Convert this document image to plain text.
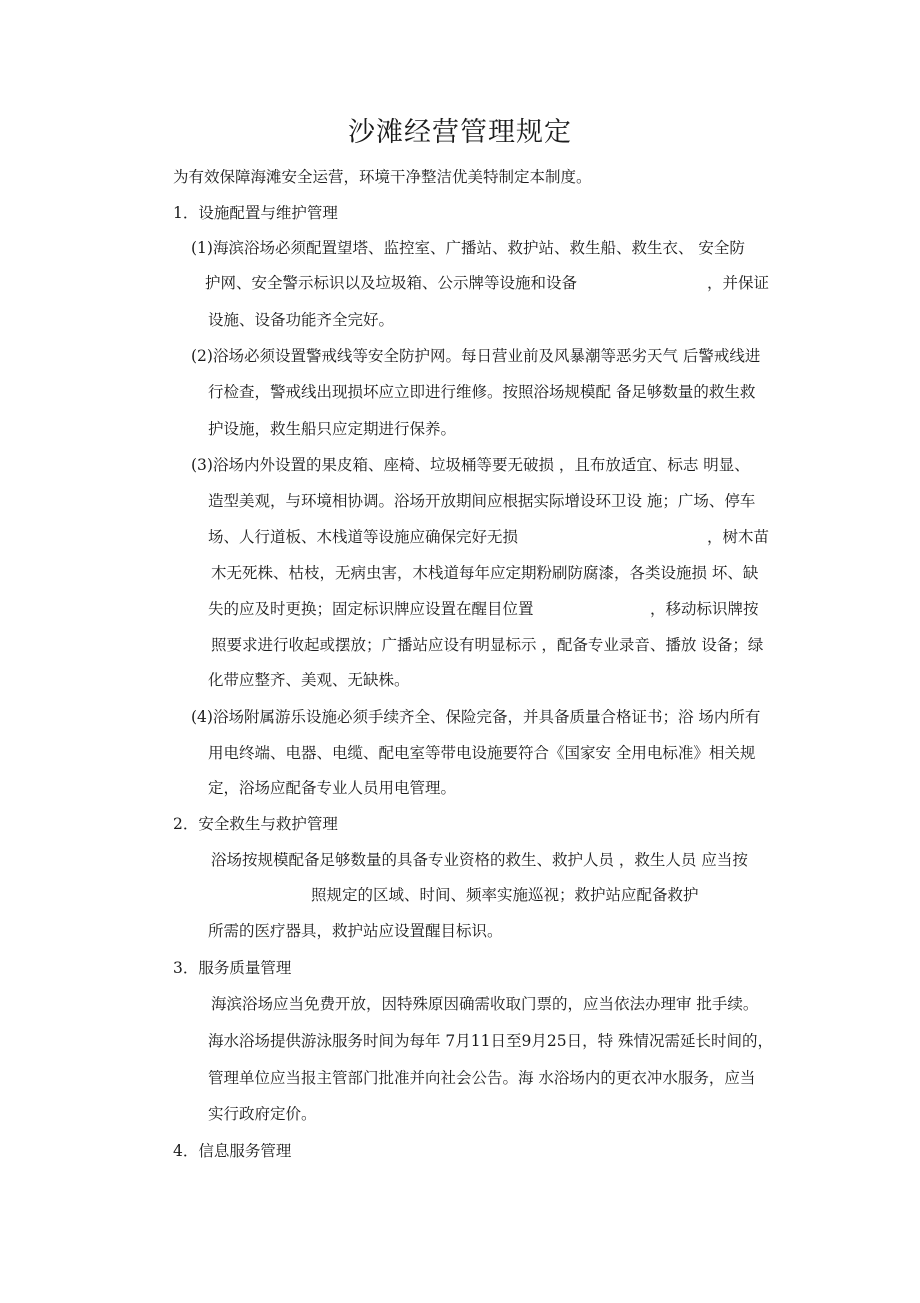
沙滩经营管理规定
为有效保障海滩安全运营，环境干净整洁优美特制定本制度。
1．设施配置与维护管理
(1)海滨浴场必须配置望塔、监控室、广播站、救护站、救生船、救生衣、 安全防
护网、安全警示标识以及垃圾箱、公示牌等设施和设备	，并保证
设施、设备功能齐全完好。
(2)浴场必须设置警戒线等安全防护网。每日营业前及风暴潮等恶劣天气 后警戒线进
行检查，警戒线出现损坏应立即进行维修。按照浴场规模配 备足够数量的救生救
护设施，救生船只应定期进行保养。
(3)浴场内外设置的果皮箱、座椅、垃圾桶等要无破损 ，且布放适宜、标志 明显、
造型美观，与环境相协调。浴场开放期间应根据实际增设环卫设 施；广场、停车
场、人行道板、木栈道等设施应确保完好无损	，树木苗
木无死株、枯枝，无病虫害，木栈道每年应定期粉刷防腐漆，各类设施损 坏、缺
失的应及时更换；固定标识牌应设置在醒目位置	，移动标识牌按
照要求进行收起或摆放；广播站应设有明显标示 ，配备专业录音、播放 设备；绿
化带应整齐、美观、无缺株。
(4)浴场附属游乐设施必须手续齐全、保险完备，并具备质量合格证书；浴 场内所有
用电终端、电器、电缆、配电室等带电设施要符合《国家安 全用电标准》相关规
定，浴场应配备专业人员用电管理。
2．安全救生与救护管理
浴场按规模配备足够数量的具备专业资格的救生、救护人员 ，救生人员 应当按
照规定的区域、时间、频率实施巡视；救护站应配备救护
所需的医疗器具，救护站应设置醒目标识。
3．服务质量管理
海滨浴场应当免费开放，因特殊原因确需收取门票的，应当依法办理审 批手续。
海水浴场提供游泳服务时间为每年 7月11日至9月25日，特 殊情况需延长时间的，
管理单位应当报主管部门批准并向社会公告。海 水浴场内的更衣冲水服务，应当
实行政府定价。
4．信息服务管理
